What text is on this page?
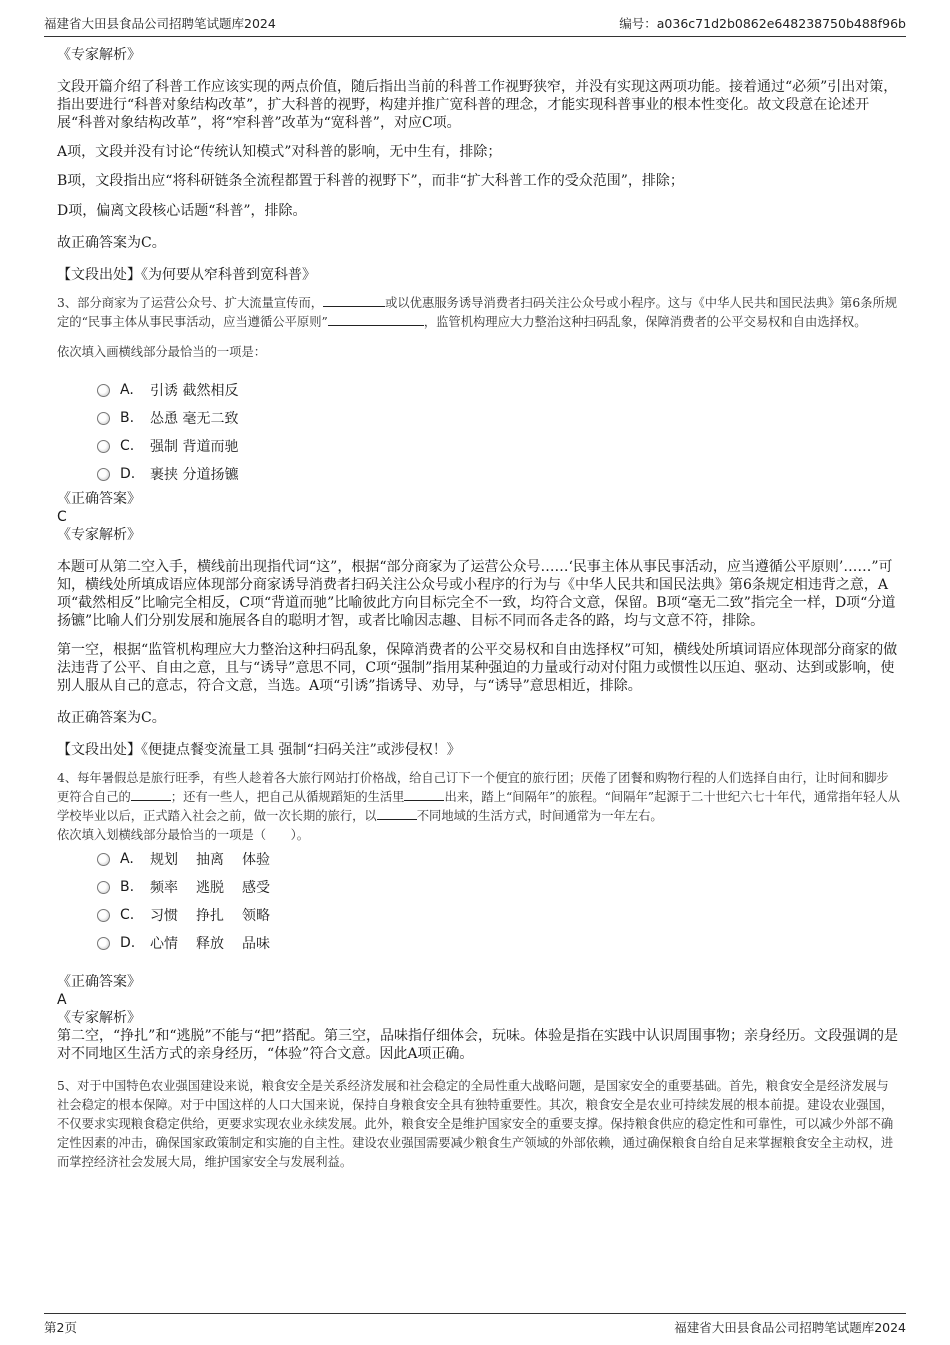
福建省大田县食品公司招聘笔试题库2024	编号：a036c71d2b0862e648238750b488f96b

《专家解析》

文段开篇介绍了科普工作应该实现的两点价值，随后指出当前的科普工作视野狭窄，并没有实现这两项功能。接着通过“必须”引出对策，指出要进行“科普对象结构改革”，扩大科普的视野，构建并推广宽科普的理念，才能实现科普事业的根本性变化。故文段意在论述开展“科普对象结构改革”，将“窄科普”改革为“宽科普”，对应C项。

A项，文段并没有讨论“传统认知模式”对科普的影响，无中生有，排除；

B项，文段指出应“将科研链条全流程都置于科普的视野下”，而非“扩大科普工作的受众范围”，排除；

D项，偏离文段核心话题“科普”，排除。

故正确答案为C。

【文段出处】《为何要从窄科普到宽科普》

3、部分商家为了运营公众号、扩大流量宣传而，	或以优惠服务诱导消费者扫码关注公众号或小程序。这与《中华人民共和国民法典》第6条所规定的“民事主体从事民事活动，应当遵循公平原则”	，监管机构理应大力整治这种扫码乱象，保障消费者的公平交易权和自由选择权。

依次填入画横线部分最恰当的一项是：

A.	引诱 截然相反
B.	怂恿 毫无二致
C.	强制 背道而驰
D.	裹挟 分道扬镳

《正确答案》

C

《专家解析》

本题可从第二空入手，横线前出现指代词“这”，根据“部分商家为了运营公众号……‘民事主体从事民事活动，应当遵循公平原则’……”可知，横线处所填成语应体现部分商家诱导消费者扫码关注公众号或小程序的行为与《中华人民共和国民法典》第6条规定相违背之意，A项“截然相反”比喻完全相反，C项“背道而驰”比喻彼此方向目标完全不一致，均符合文意，保留。B项“毫无二致”指完全一样，D项“分道扬镳”比喻人们分别发展和施展各自的聪明才智，或者比喻因志趣、目标不同而各走各的路，均与文意不符，排除。

第一空，根据“监管机构理应大力整治这种扫码乱象，保障消费者的公平交易权和自由选择权”可知，横线处所填词语应体现部分商家的做法违背了公平、自由之意，且与“诱导”意思不同，C项“强制”指用某种强迫的力量或行动对付阻力或惯性以压迫、驱动、达到或影响，使别人服从自己的意志，符合文意，当选。A项“引诱”指诱导、劝导，与“诱导”意思相近，排除。

故正确答案为C。

【文段出处】《便捷点餐变流量工具 强制“扫码关注”或涉侵权！》

4、每年暑假总是旅行旺季，有些人趁着各大旅行网站打价格战，给自己订下一个便宜的旅行团；厌倦了团餐和购物行程的人们选择自由行，让时间和脚步更符合自己的	；还有一些人，把自己从循规蹈矩的生活里	出来，踏上“间隔年”的旅程。“间隔年”起源于二十世纪六七十年代，通常指年轻人从学校毕业以后，正式踏入社会之前，做一次长期的旅行，以	不同地域的生活方式，时间通常为一年左右。

依次填入划横线部分最恰当的一项是（　　）。

A.	规划 抽离 体验
B.	频率 逃脱 感受
C.	习惯 挣扎 领略
D.	心情 释放 品味

《正确答案》

A

《专家解析》

第二空，“挣扎”和“逃脱”不能与“把”搭配。第三空，品味指仔细体会，玩味。体验是指在实践中认识周围事物；亲身经历。文段强调的是对不同地区生活方式的亲身经历，“体验”符合文意。因此A项正确。

5、对于中国特色农业强国建设来说，粮食安全是关系经济发展和社会稳定的全局性重大战略问题，是国家安全的重要基础。首先，粮食安全是经济发展与社会稳定的根本保障。对于中国这样的人口大国来说，保持自身粮食安全具有独特重要性。其次，粮食安全是农业可持续发展的根本前提。建设农业强国，不仅要求实现粮食稳定供给，更要求实现农业永续发展。此外，粮食安全是维护国家安全的重要支撑。保持粮食供应的稳定性和可靠性，可以减少外部不确定性因素的冲击，确保国家政策制定和实施的自主性。建设农业强国需要减少粮食生产领域的外部依赖，通过确保粮食自给自足来掌握粮食安全主动权，进而掌控经济社会发展大局，维护国家安全与发展利益。

第2页	福建省大田县食品公司招聘笔试题库2024
